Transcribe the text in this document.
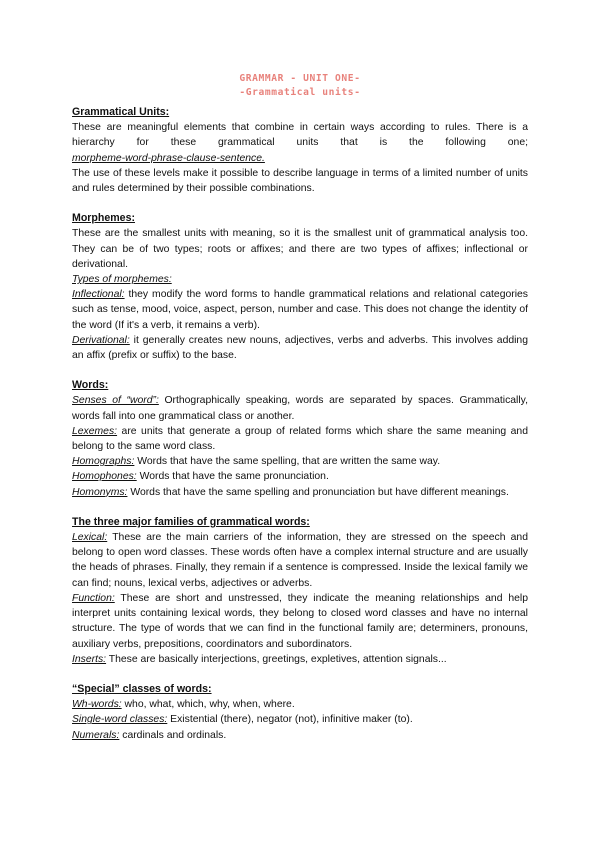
GRAMMAR - UNIT ONE-
-Grammatical units-
Grammatical Units:

These are meaningful elements that combine in certain ways according to rules. There is a hierarchy for these grammatical units that is the following one;

morpheme-word-phrase-clause-sentence.

The use of these levels make it possible to describe language in terms of a limited number of units and rules determined by their possible combinations.

Morphemes:

These are the smallest units with meaning, so it is the smallest unit of grammatical analysis too. They can be of two types; roots or affixes; and there are two types of affixes; inflectional or derivational.

Types of morphemes:

Inflectional: they modify the word forms to handle grammatical relations and relational categories such as tense, mood, voice, aspect, person, number and case. This does not change the identity of the word (If it's a verb, it remains a verb).

Derivational: it generally creates new nouns, adjectives, verbs and adverbs. This involves adding an affix (prefix or suffix) to the base.

Words:

Senses of “word”: Orthographically speaking, words are separated by spaces. Grammatically, words fall into one grammatical class or another.

Lexemes: are units that generate a group of related forms which share the same meaning and belong to the same word class.

Homographs: Words that have the same spelling, that are written the same way.

Homophones: Words that have the same pronunciation.

Homonyms: Words that have the same spelling and pronunciation but have different meanings.

The three major families of grammatical words:

Lexical: These are the main carriers of the information, they are stressed on the speech and belong to open word classes. These words often have a complex internal structure and are usually the heads of phrases. Finally, they remain if a sentence is compressed. Inside the lexical family we can find; nouns, lexical verbs, adjectives or adverbs.

Function: These are short and unstressed, they indicate the meaning relationships and help interpret units containing lexical words, they belong to closed word classes and have no internal structure. The type of words that we can find in the functional family are; determiners, pronouns, auxiliary verbs, prepositions, coordinators and subordinators.

Inserts: These are basically interjections, greetings, expletives, attention signals...

“Special” classes of words:

Wh-words: who, what, which, why, when, where.

Single-word classes: Existential (there), negator (not), infinitive maker (to).

Numerals: cardinals and ordinals.
